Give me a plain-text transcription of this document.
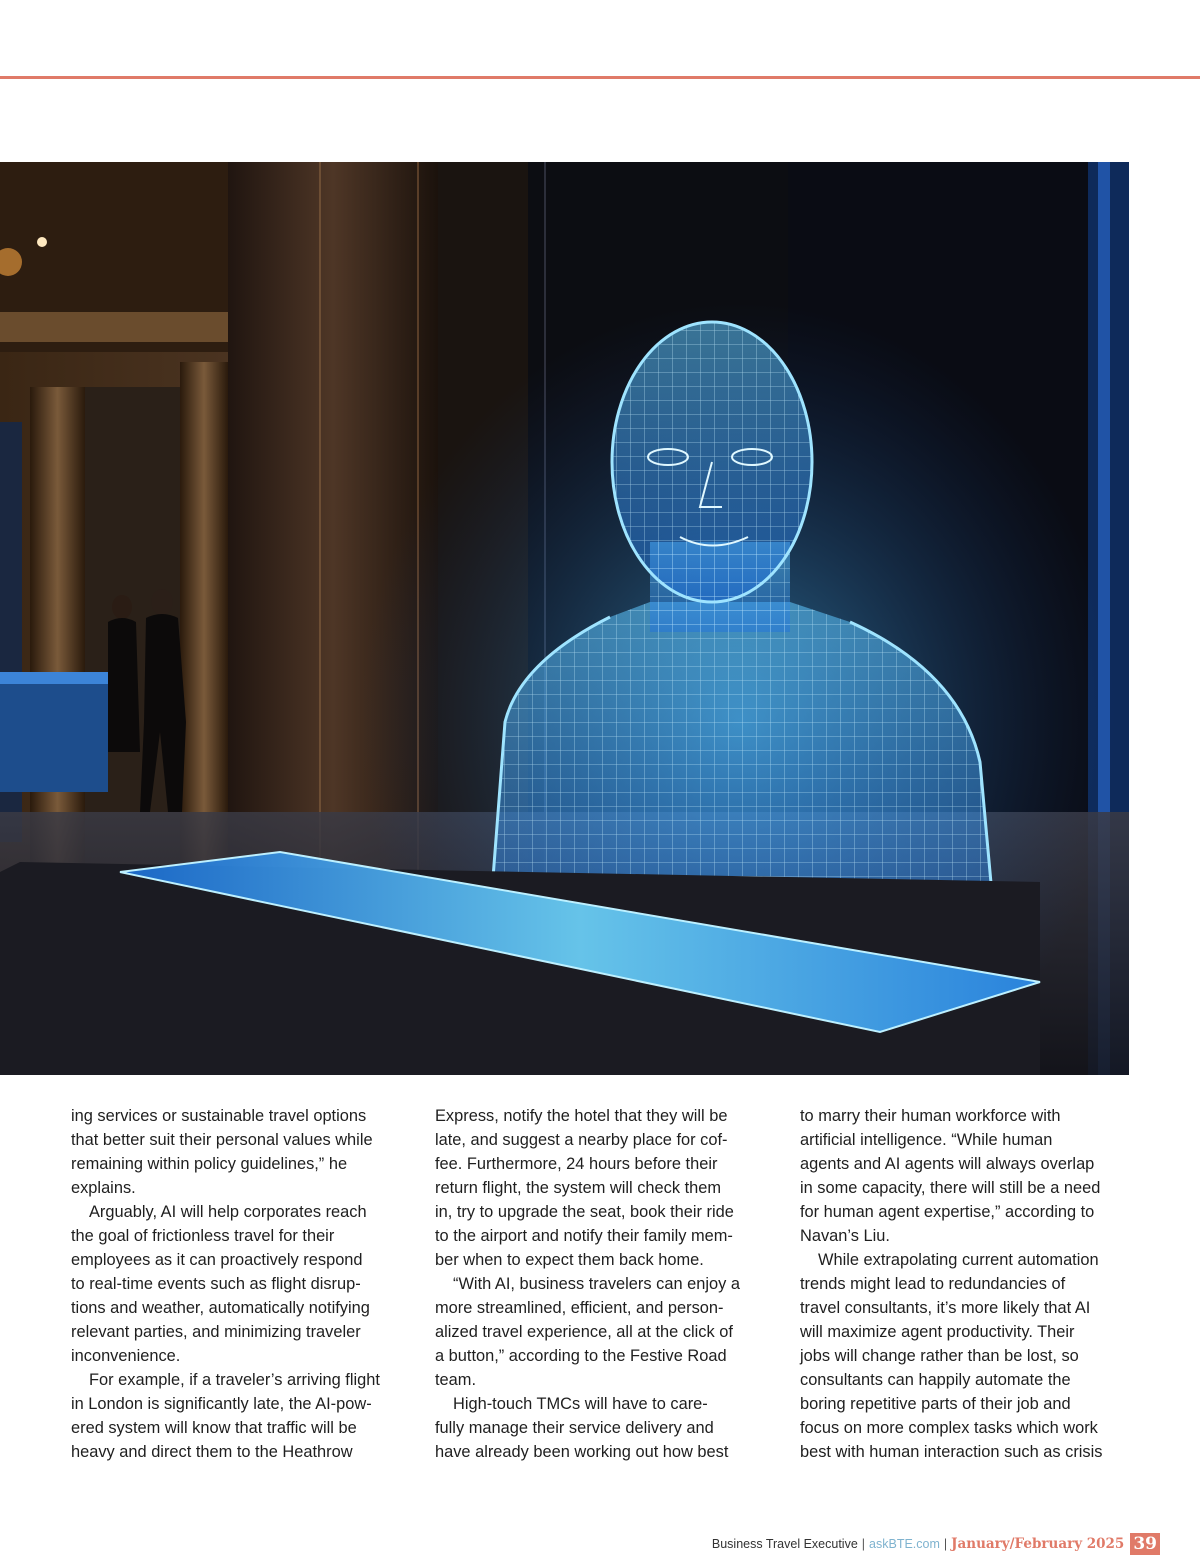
ing services or sustainable travel options
that better suit their personal values while
remaining within policy guidelines,” he
explains.

Arguably, AI will help corporates reach
the goal of frictionless travel for their
employees as it can proactively respond
to real-time events such as flight disrup-
tions and weather, automatically notifying
relevant parties, and minimizing traveler
inconvenience.

For example, if a traveler’s arriving flight
in London is significantly late, the AI-pow-
ered system will know that traffic will be
heavy and direct them to the Heathrow

Express, notify the hotel that they will be
late, and suggest a nearby place for cof-
fee. Furthermore, 24 hours before their
return flight, the system will check them
in, try to upgrade the seat, book their ride
to the airport and notify their family mem-
ber when to expect them back home.

“With AI, business travelers can enjoy a
more streamlined, efficient, and person-
alized travel experience, all at the click of
a button,” according to the Festive Road
team.

High-touch TMCs will have to care-
fully manage their service delivery and
have already been working out how best

to marry their human workforce with
artificial intelligence. “While human
agents and AI agents will always overlap
in some capacity, there will still be a need
for human agent expertise,” according to
Navan’s Liu.

While extrapolating current automation
trends might lead to redundancies of
travel consultants, it’s more likely that AI
will maximize agent productivity. Their
jobs will change rather than be lost, so
consultants can happily automate the
boring repetitive parts of their job and
focus on more complex tasks which work
best with human interaction such as crisis

Business Travel Executive | askBTE.com | January/February 2025 39
